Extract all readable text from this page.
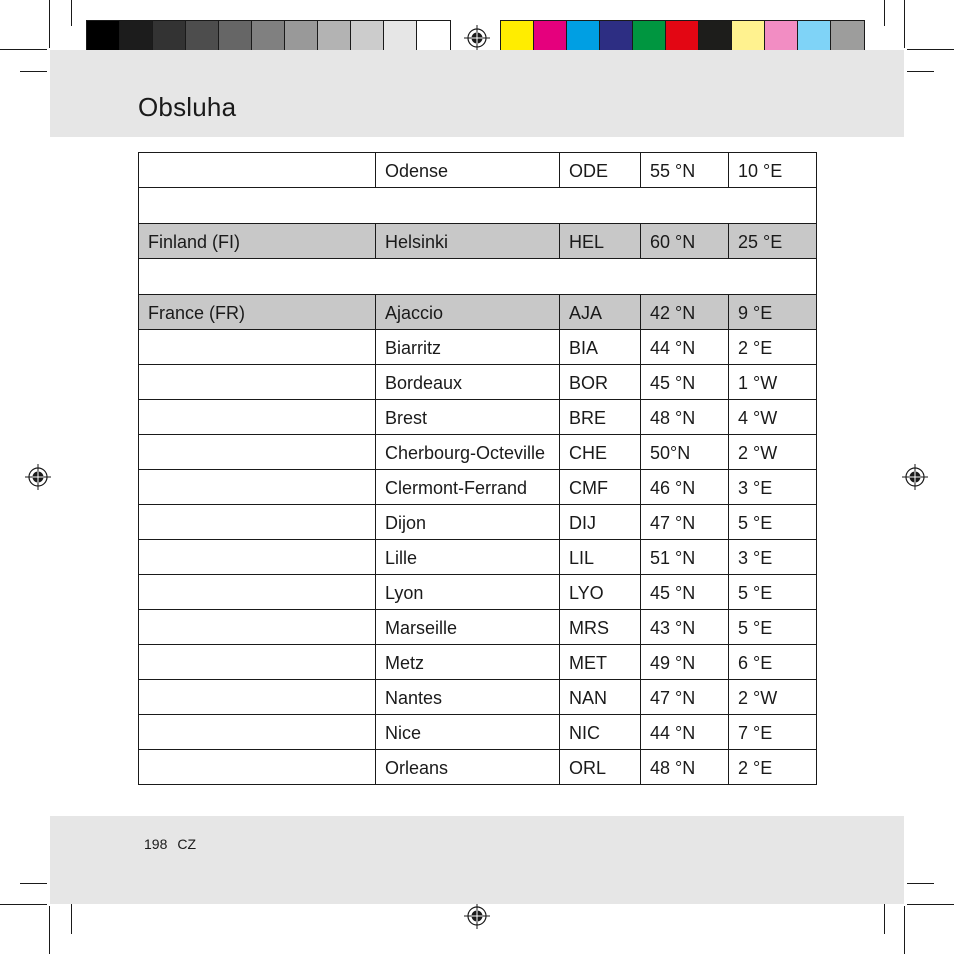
Obsluha
	Odense	ODE	55 °N	10 °E

Finland (FI)	Helsinki	HEL	60 °N	25 °E

France (FR)	Ajaccio	AJA	42 °N	9 °E
	Biarritz	BIA	44 °N	2 °E
	Bordeaux	BOR	45 °N	1 °W
	Brest	BRE	48 °N	4 °W
	Cherbourg-Octeville	CHE	50°N	2 °W
	Clermont-Ferrand	CMF	46 °N	3 °E
	Dijon	DIJ	47 °N	5 °E
	Lille	LIL	51 °N	3 °E
	Lyon	LYO	45 °N	5 °E
	Marseille	MRS	43 °N	5 °E
	Metz	MET	49 °N	6 °E
	Nantes	NAN	47 °N	2 °W
	Nice	NIC	44 °N	7 °E
	Orleans	ORL	48 °N	2 °E
198 CZ
